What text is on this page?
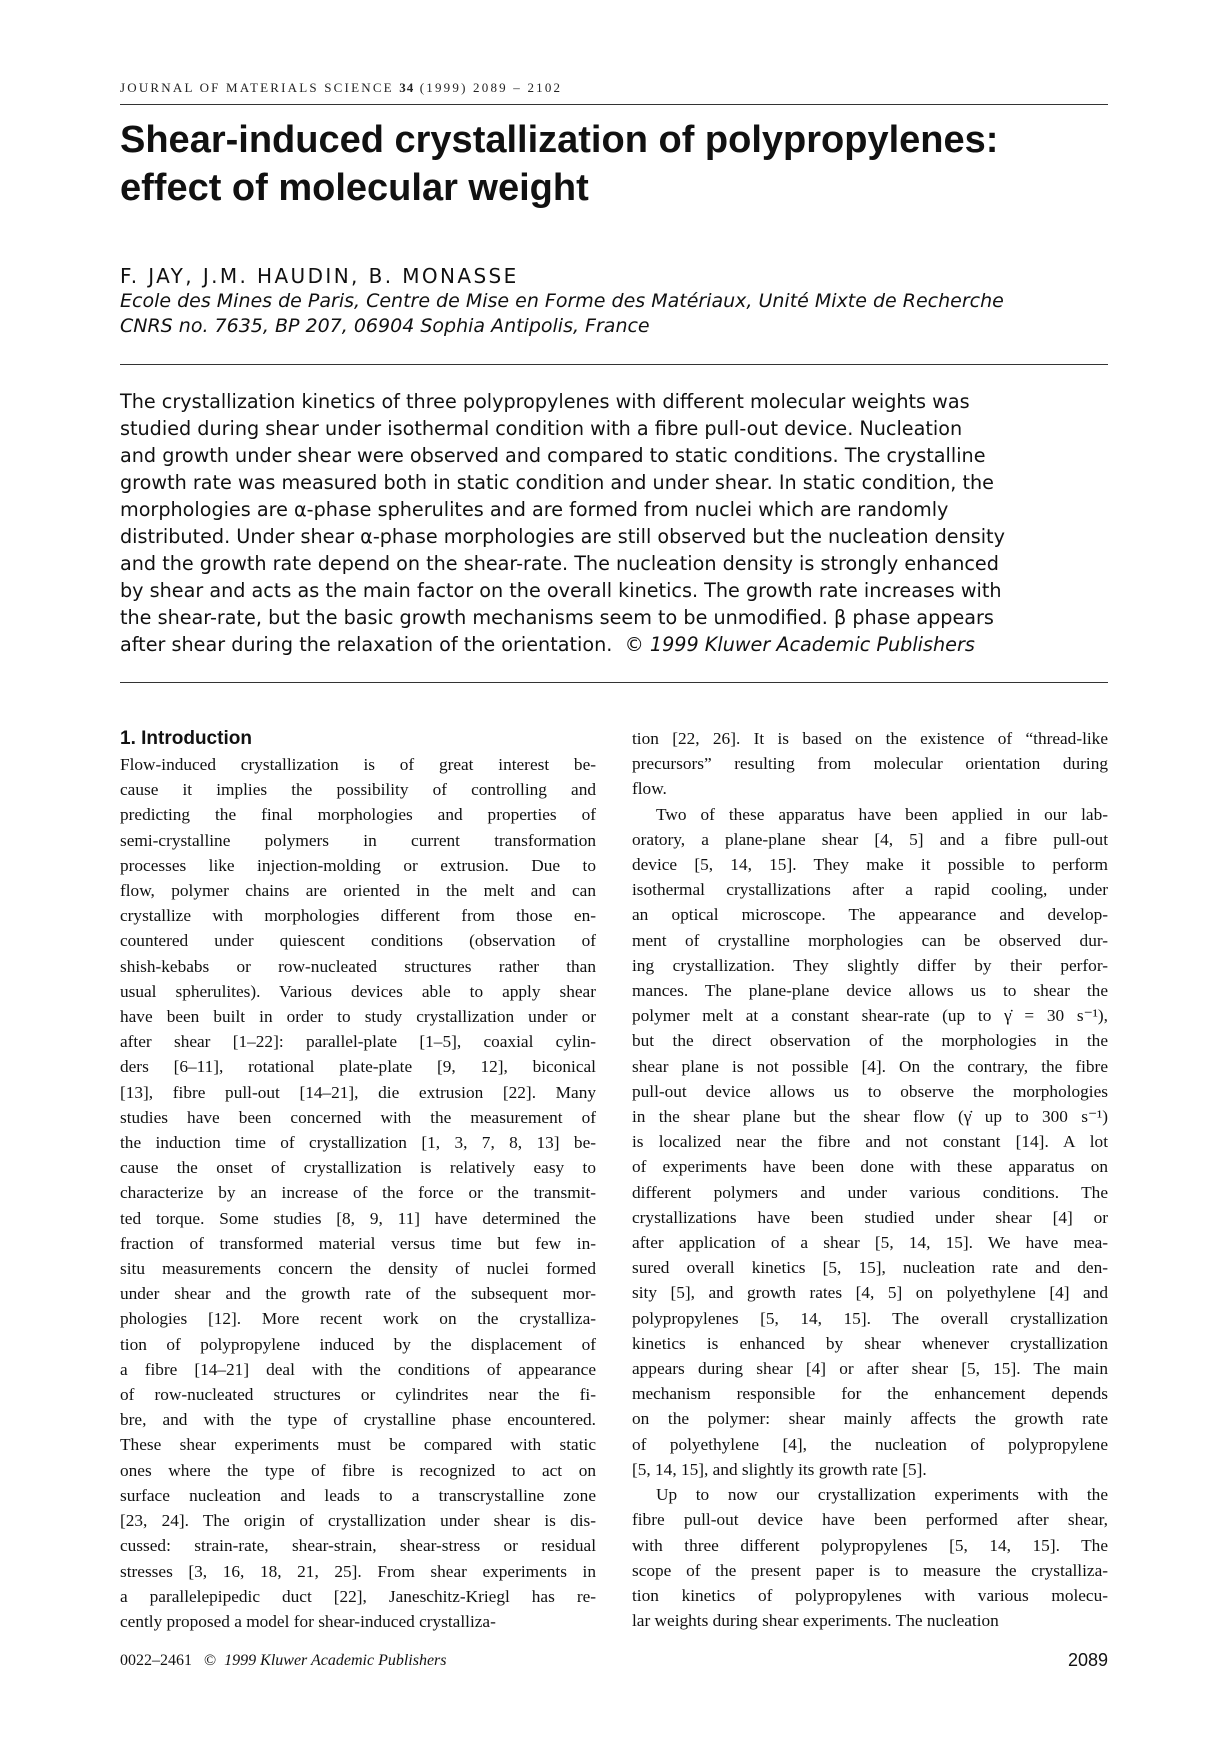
JOURNAL OF MATERIALS SCIENCE 34 (1999) 2089 – 2102
Shear-induced crystallization of polypropylenes:
effect of molecular weight
F. JAY, J.M. HAUDIN, B. MONASSE
Ecole des Mines de Paris, Centre de Mise en Forme des Matériaux, Unité Mixte de Recherche
CNRS no. 7635, BP 207, 06904 Sophia Antipolis, France
The crystallization kinetics of three polypropylenes with different molecular weights was
studied during shear under isothermal condition with a fibre pull-out device. Nucleation
and growth under shear were observed and compared to static conditions. The crystalline
growth rate was measured both in static condition and under shear. In static condition, the
morphologies are α-phase spherulites and are formed from nuclei which are randomly
distributed. Under shear α-phase morphologies are still observed but the nucleation density
and the growth rate depend on the shear-rate. The nucleation density is strongly enhanced
by shear and acts as the main factor on the overall kinetics. The growth rate increases with
the shear-rate, but the basic growth mechanisms seem to be unmodified. β phase appears
after shear during the relaxation of the orientation. © 1999 Kluwer Academic Publishers
1. Introduction
Flow-induced crystallization is of great interest be-
cause it implies the possibility of controlling and
predicting the final morphologies and properties of
semi-crystalline polymers in current transformation
processes like injection-molding or extrusion. Due to
flow, polymer chains are oriented in the melt and can
crystallize with morphologies different from those en-
countered under quiescent conditions (observation of
shish-kebabs or row-nucleated structures rather than
usual spherulites). Various devices able to apply shear
have been built in order to study crystallization under or
after shear [1–22]: parallel-plate [1–5], coaxial cylin-
ders [6–11], rotational plate-plate [9, 12], biconical
[13], fibre pull-out [14–21], die extrusion [22]. Many
studies have been concerned with the measurement of
the induction time of crystallization [1, 3, 7, 8, 13] be-
cause the onset of crystallization is relatively easy to
characterize by an increase of the force or the transmit-
ted torque. Some studies [8, 9, 11] have determined the
fraction of transformed material versus time but few in-
situ measurements concern the density of nuclei formed
under shear and the growth rate of the subsequent mor-
phologies [12]. More recent work on the crystalliza-
tion of polypropylene induced by the displacement of
a fibre [14–21] deal with the conditions of appearance
of row-nucleated structures or cylindrites near the fi-
bre, and with the type of crystalline phase encountered.
These shear experiments must be compared with static
ones where the type of fibre is recognized to act on
surface nucleation and leads to a transcrystalline zone
[23, 24]. The origin of crystallization under shear is dis-
cussed: strain-rate, shear-strain, shear-stress or residual
stresses [3, 16, 18, 21, 25]. From shear experiments in
a parallelepipedic duct [22], Janeschitz-Kriegl has re-
cently proposed a model for shear-induced crystalliza-
tion [22, 26]. It is based on the existence of “thread-like
precursors” resulting from molecular orientation during
flow.
Two of these apparatus have been applied in our lab-
oratory, a plane-plane shear [4, 5] and a fibre pull-out
device [5, 14, 15]. They make it possible to perform
isothermal crystallizations after a rapid cooling, under
an optical microscope. The appearance and develop-
ment of crystalline morphologies can be observed dur-
ing crystallization. They slightly differ by their perfor-
mances. The plane-plane device allows us to shear the
polymer melt at a constant shear-rate (up to γ̇ = 30 s⁻¹),
but the direct observation of the morphologies in the
shear plane is not possible [4]. On the contrary, the fibre
pull-out device allows us to observe the morphologies
in the shear plane but the shear flow (γ̇ up to 300 s⁻¹)
is localized near the fibre and not constant [14]. A lot
of experiments have been done with these apparatus on
different polymers and under various conditions. The
crystallizations have been studied under shear [4] or
after application of a shear [5, 14, 15]. We have mea-
sured overall kinetics [5, 15], nucleation rate and den-
sity [5], and growth rates [4, 5] on polyethylene [4] and
polypropylenes [5, 14, 15]. The overall crystallization
kinetics is enhanced by shear whenever crystallization
appears during shear [4] or after shear [5, 15]. The main
mechanism responsible for the enhancement depends
on the polymer: shear mainly affects the growth rate
of polyethylene [4], the nucleation of polypropylene
[5, 14, 15], and slightly its growth rate [5].
Up to now our crystallization experiments with the
fibre pull-out device have been performed after shear,
with three different polypropylenes [5, 14, 15]. The
scope of the present paper is to measure the crystalliza-
tion kinetics of polypropylenes with various molecu-
lar weights during shear experiments. The nucleation
0022–2461 © 1999 Kluwer Academic Publishers	2089
